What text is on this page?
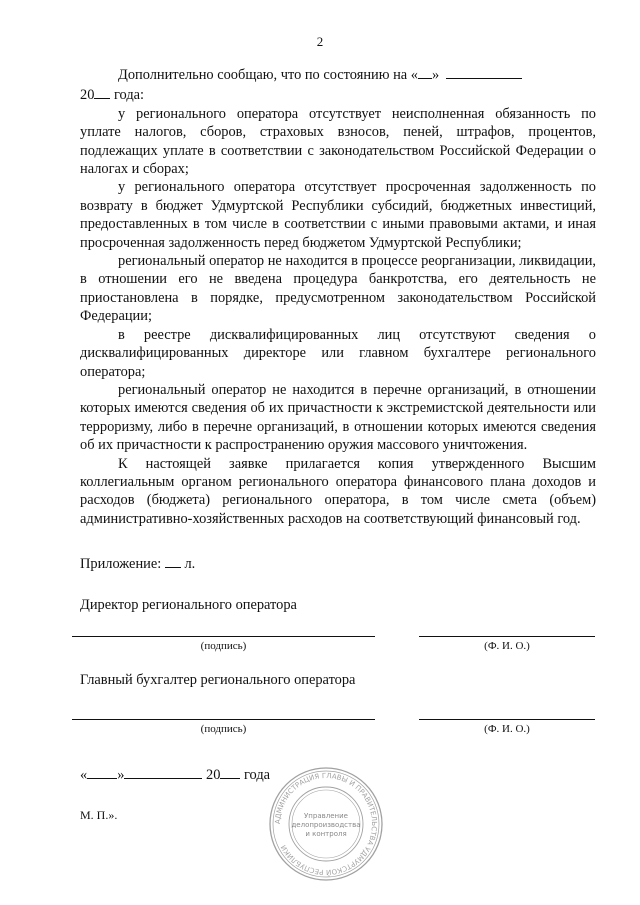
2

Дополнительно сообщаю, что по состоянию на « »

20 года:

у регионального оператора отсутствует неисполненная обязанность по уплате налогов, сборов, страховых взносов, пеней, штрафов, процентов, подлежащих уплате в соответствии с законодательством Российской Федерации о налогах и сборах;

у регионального оператора отсутствует просроченная задолженность по возврату в бюджет Удмуртской Республики субсидий, бюджетных инвестиций, предоставленных в том числе в соответствии с иными правовыми актами, и иная просроченная задолженность перед бюджетом Удмуртской Республики;

региональный оператор не находится в процессе реорганизации, ликвидации, в отношении его не введена процедура банкротства, его деятельность не приостановлена в порядке, предусмотренном законодательством Российской Федерации;

в реестре дисквалифицированных лиц отсутствуют сведения о дисквалифицированных директоре или главном бухгалтере регионального оператора;

региональный оператор не находится в перечне организаций, в отношении которых имеются сведения об их причастности к экстремистской деятельности или терроризму, либо в перечне организаций, в отношении которых имеются сведения об их причастности к распространению оружия массового уничтожения.

К настоящей заявке прилагается копия утвержденного Высшим коллегиальным органом регионального оператора финансового плана доходов и расходов (бюджета) регионального оператора, в том числе смета (объем) административно-хозяйственных расходов на соответствующий финансовый год.

Приложение:  л.
Директор регионального оператора
(подпись)	(Ф. И. О.)
Главный бухгалтер регионального оператора
(подпись)	(Ф. И. О.)
« »	20 года
М. П.».	АДМИНИСТРАЦИЯ ГЛАВЫ И ПРАВИТЕЛЬСТВА УДМУРТСКОЙ РЕСПУБЛИКИ
Управление
делопроизводства
и контроля
